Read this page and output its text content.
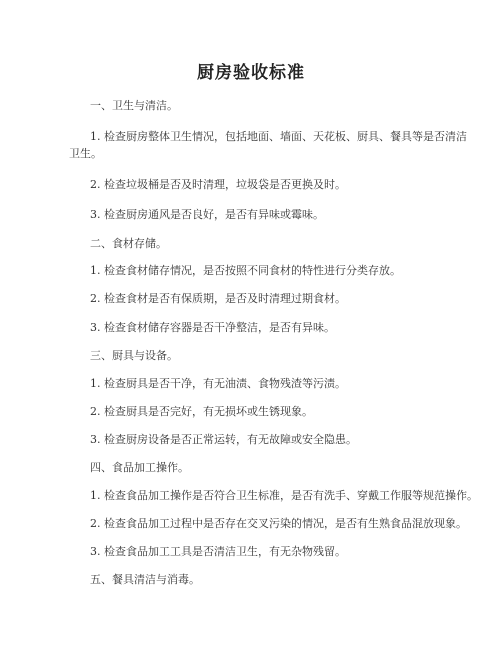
厨房验收标准
一、卫生与清洁。
1. 检查厨房整体卫生情况，包括地面、墙面、天花板、厨具、餐具等是否清洁
卫生。
2. 检查垃圾桶是否及时清理，垃圾袋是否更换及时。
3. 检查厨房通风是否良好，是否有异味或霉味。
二、食材存储。
1. 检查食材储存情况，是否按照不同食材的特性进行分类存放。
2. 检查食材是否有保质期，是否及时清理过期食材。
3. 检查食材储存容器是否干净整洁，是否有异味。
三、厨具与设备。
1. 检查厨具是否干净，有无油渍、食物残渣等污渍。
2. 检查厨具是否完好，有无损坏或生锈现象。
3. 检查厨房设备是否正常运转，有无故障或安全隐患。
四、食品加工操作。
1. 检查食品加工操作是否符合卫生标准，是否有洗手、穿戴工作服等规范操作。
2. 检查食品加工过程中是否存在交叉污染的情况，是否有生熟食品混放现象。
3. 检查食品加工工具是否清洁卫生，有无杂物残留。
五、餐具清洁与消毒。
